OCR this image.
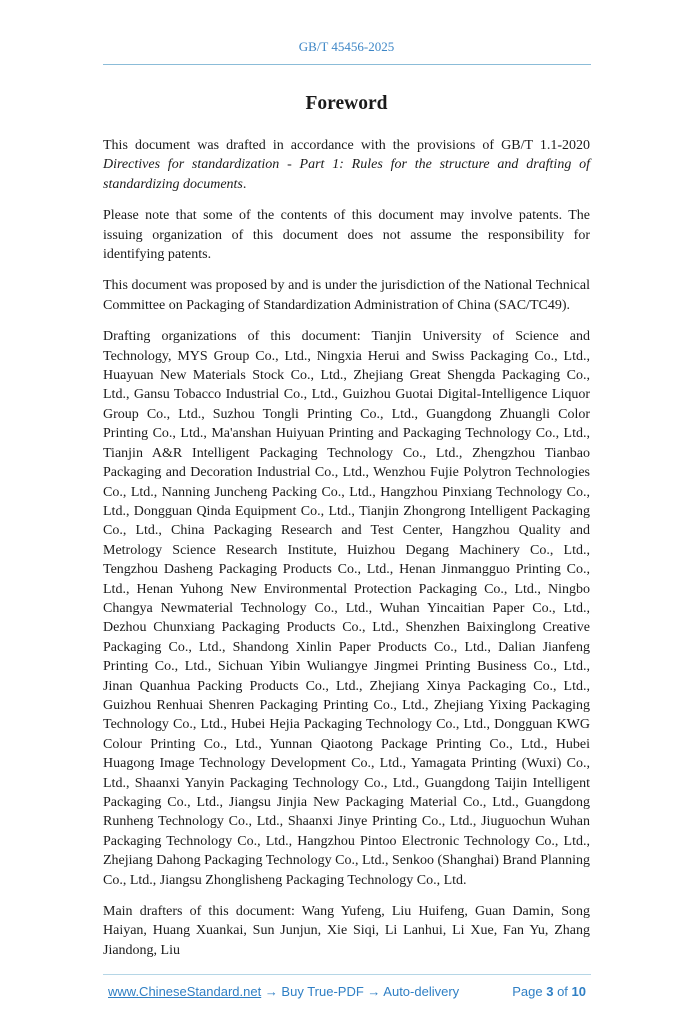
GB/T 45456-2025
Foreword

This document was drafted in accordance with the provisions of GB/T 1.1-2020 Directives for standardization - Part 1: Rules for the structure and drafting of standardizing documents.

Please note that some of the contents of this document may involve patents. The issuing organization of this document does not assume the responsibility for identifying patents.

This document was proposed by and is under the jurisdiction of the National Technical Committee on Packaging of Standardization Administration of China (SAC/TC49).

Drafting organizations of this document: Tianjin University of Science and Technology, MYS Group Co., Ltd., Ningxia Herui and Swiss Packaging Co., Ltd., Huayuan New Materials Stock Co., Ltd., Zhejiang Great Shengda Packaging Co., Ltd., Gansu Tobacco Industrial Co., Ltd., Guizhou Guotai Digital-Intelligence Liquor Group Co., Ltd., Suzhou Tongli Printing Co., Ltd., Guangdong Zhuangli Color Printing Co., Ltd., Ma'anshan Huiyuan Printing and Packaging Technology Co., Ltd., Tianjin A&R Intelligent Packaging Technology Co., Ltd., Zhengzhou Tianbao Packaging and Decoration Industrial Co., Ltd., Wenzhou Fujie Polytron Technologies Co., Ltd., Nanning Juncheng Packing Co., Ltd., Hangzhou Pinxiang Technology Co., Ltd., Dongguan Qinda Equipment Co., Ltd., Tianjin Zhongrong Intelligent Packaging Co., Ltd., China Packaging Research and Test Center, Hangzhou Quality and Metrology Science Research Institute, Huizhou Degang Machinery Co., Ltd., Tengzhou Dasheng Packaging Products Co., Ltd., Henan Jinmangguo Printing Co., Ltd., Henan Yuhong New Environmental Protection Packaging Co., Ltd., Ningbo Changya Newmaterial Technology Co., Ltd., Wuhan Yincaitian Paper Co., Ltd., Dezhou Chunxiang Packaging Products Co., Ltd., Shenzhen Baixinglong Creative Packaging Co., Ltd., Shandong Xinlin Paper Products Co., Ltd., Dalian Jianfeng Printing Co., Ltd., Sichuan Yibin Wuliangye Jingmei Printing Business Co., Ltd., Jinan Quanhua Packing Products Co., Ltd., Zhejiang Xinya Packaging Co., Ltd., Guizhou Renhuai Shenren Packaging Printing Co., Ltd., Zhejiang Yixing Packaging Technology Co., Ltd., Hubei Hejia Packaging Technology Co., Ltd., Dongguan KWG Colour Printing Co., Ltd., Yunnan Qiaotong Package Printing Co., Ltd., Hubei Huagong Image Technology Development Co., Ltd., Yamagata Printing (Wuxi) Co., Ltd., Shaanxi Yanyin Packaging Technology Co., Ltd., Guangdong Taijin Intelligent Packaging Co., Ltd., Jiangsu Jinjia New Packaging Material Co., Ltd., Guangdong Runheng Technology Co., Ltd., Shaanxi Jinye Printing Co., Ltd., Jiuguochun Wuhan Packaging Technology Co., Ltd., Hangzhou Pintoo Electronic Technology Co., Ltd., Zhejiang Dahong Packaging Technology Co., Ltd., Senkoo (Shanghai) Brand Planning Co., Ltd., Jiangsu Zhonglisheng Packaging Technology Co., Ltd.

Main drafters of this document: Wang Yufeng, Liu Huifeng, Guan Damin, Song Haiyan, Huang Xuankai, Sun Junjun, Xie Siqi, Li Lanhui, Li Xue, Fan Yu, Zhang Jiandong, Liu

www.ChineseStandard.net → Buy True-PDF → Auto-delivery	Page 3 of 10
